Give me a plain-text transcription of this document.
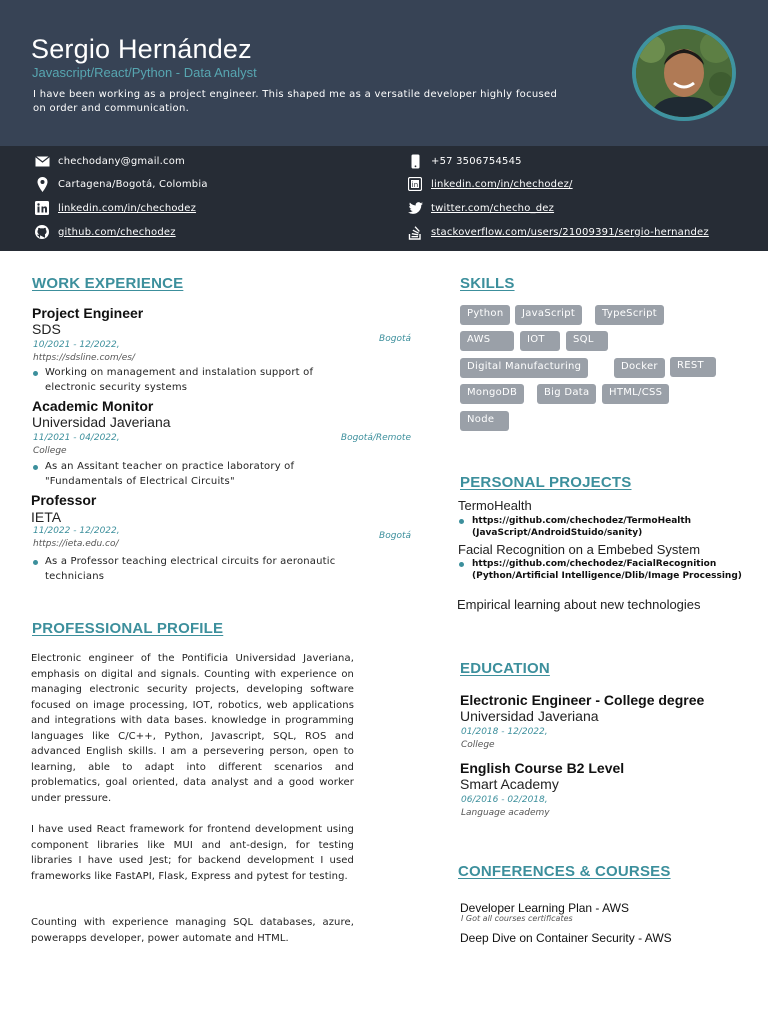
Sergio Hernández
Javascript/React/Python - Data Analyst
I have been working as a project engineer. This shaped me as a versatile developer highly focused on order and communication.
chechodany@gmail.com
Cartagena/Bogotá, Colombia
linkedin.com/in/chechodez
github.com/chechodez
+57 3506754545
in linkedin.com/in/chechodez/
twitter.com/checho_dez
stackoverflow.com/users/21009391/sergio-hernandez
WORK EXPERIENCE
Project Engineer
SDS
10/2021 - 12/2022,
https://sdsline.com/es/
Bogotá
Working on management and instalation support of electronic security systems
Academic Monitor
Universidad Javeriana
11/2021 - 04/2022,
College
Bogotá/Remote
As an Assitant teacher on practice laboratory of "Fundamentals of Electrical Circuits"
Professor
IETA
11/2022 - 12/2022,
https://ieta.edu.co/
Bogotá
As a Professor teaching electrical circuits for aeronautic technicians
PROFESSIONAL PROFILE
Electronic engineer of the Pontificia Universidad Javeriana, emphasis on digital and signals. Counting with experience on managing electronic security projects, developing software focused on image processing, IOT, robotics, web applications and integrations with data bases. knowledge in programming languages like C/C++, Python, Javascript, SQL, ROS and advanced English skills. I am a persevering person, open to learning, able to adapt into different scenarios and problematics, goal oriented, data analyst and a good worker under pressure.
I have used React framework for frontend development using component libraries like MUI and ant-design, for testing libraries I have used Jest; for backend development I used frameworks like FastAPI, Flask, Express and pytest for testing.
Counting with experience managing SQL databases, azure, powerapps developer, power automate and HTML.
SKILLS
Python	JavaScript	TypeScript
AWS	IOT	SQL
Digital Manufacturing	Docker	REST
MongoDB	Big Data	HTML/CSS
Node
PERSONAL PROJECTS
TermoHealth
https://github.com/chechodez/TermoHealth
(JavaScript/AndroidStuido/sanity)
Facial Recognition on a Embebed System
https://github.com/chechodez/FacialRecognition
(Python/Artificial Intelligence/Dlib/Image Processing)
Empirical learning about new technologies
EDUCATION
Electronic Engineer - College degree
Universidad Javeriana
01/2018 - 12/2022,
College
English Course B2 Level
Smart Academy
06/2016 - 02/2018,
Language academy
CONFERENCES & COURSES
Developer Learning Plan - AWS
I Got all courses certificates
Deep Dive on Container Security - AWS
